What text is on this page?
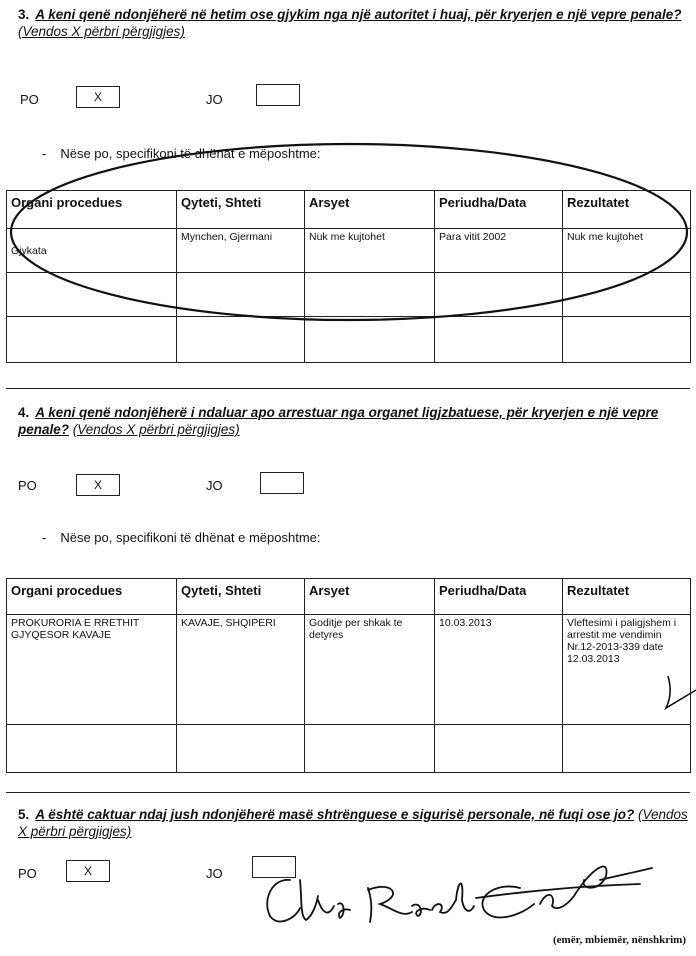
3. A keni qenë ndonjëherë në hetim ose gjykim nga një autoritet i huaj, për kryerjen e një vepre penale? (Vendos X përbri përgjigjes)
PO	X	JO
- Nëse po, specifikoni të dhënat e mëposhtme:
Organi procedues	Qyteti, Shteti	Arsyet	Periudha/Data	Rezultatet
Gjykata	Mynchen, Gjermani	Nuk me kujtohet	Para vitit 2002	Nuk me kujtohet

4. A keni qenë ndonjëherë i ndaluar apo arrestuar nga organet ligjzbatuese, për kryerjen e një vepre penale? (Vendos X përbri përgjigjes)
PO	X	JO
- Nëse po, specifikoni të dhënat e mëposhtme:
Organi procedues	Qyteti, Shteti	Arsyet	Periudha/Data	Rezultatet
PROKURORIA E RRETHIT GJYQESOR KAVAJE	KAVAJE, SHQIPERI	Goditje per shkak te detyres	10.03.2013	Vleftesimi i paligjshem i arrestit me vendimin Nr.12-2013-339 date 12.03.2013

5. A është caktuar ndaj jush ndonjëherë masë shtrënguese e sigurisë personale, në fuqi ose jo? (Vendos X përbri përgjigjes)
PO	X	JO
(emër, mbiemër, nënshkrim)
